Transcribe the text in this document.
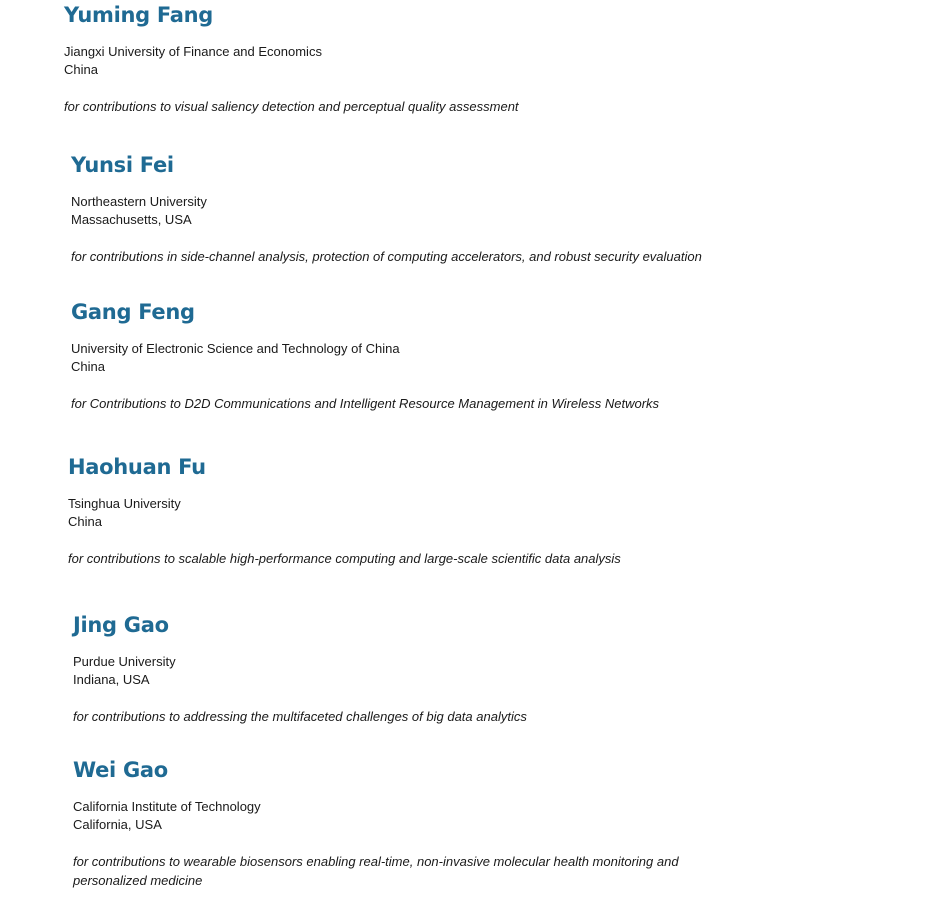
Yuming Fang
Jiangxi University of Finance and Economics
China
for contributions to visual saliency detection and perceptual quality assessment
Yunsi Fei
Northeastern University
Massachusetts, USA
for contributions in side-channel analysis, protection of computing accelerators, and robust security evaluation
Gang Feng
University of Electronic Science and Technology of China
China
for Contributions to D2D Communications and Intelligent Resource Management in Wireless Networks
Haohuan Fu
Tsinghua University
China
for contributions to scalable high-performance computing and large-scale scientific data analysis
Jing Gao
Purdue University
Indiana, USA
for contributions to addressing the multifaceted challenges of big data analytics
Wei Gao
California Institute of Technology
California, USA
for contributions to wearable biosensors enabling real-time, non-invasive molecular health monitoring and personalized medicine
